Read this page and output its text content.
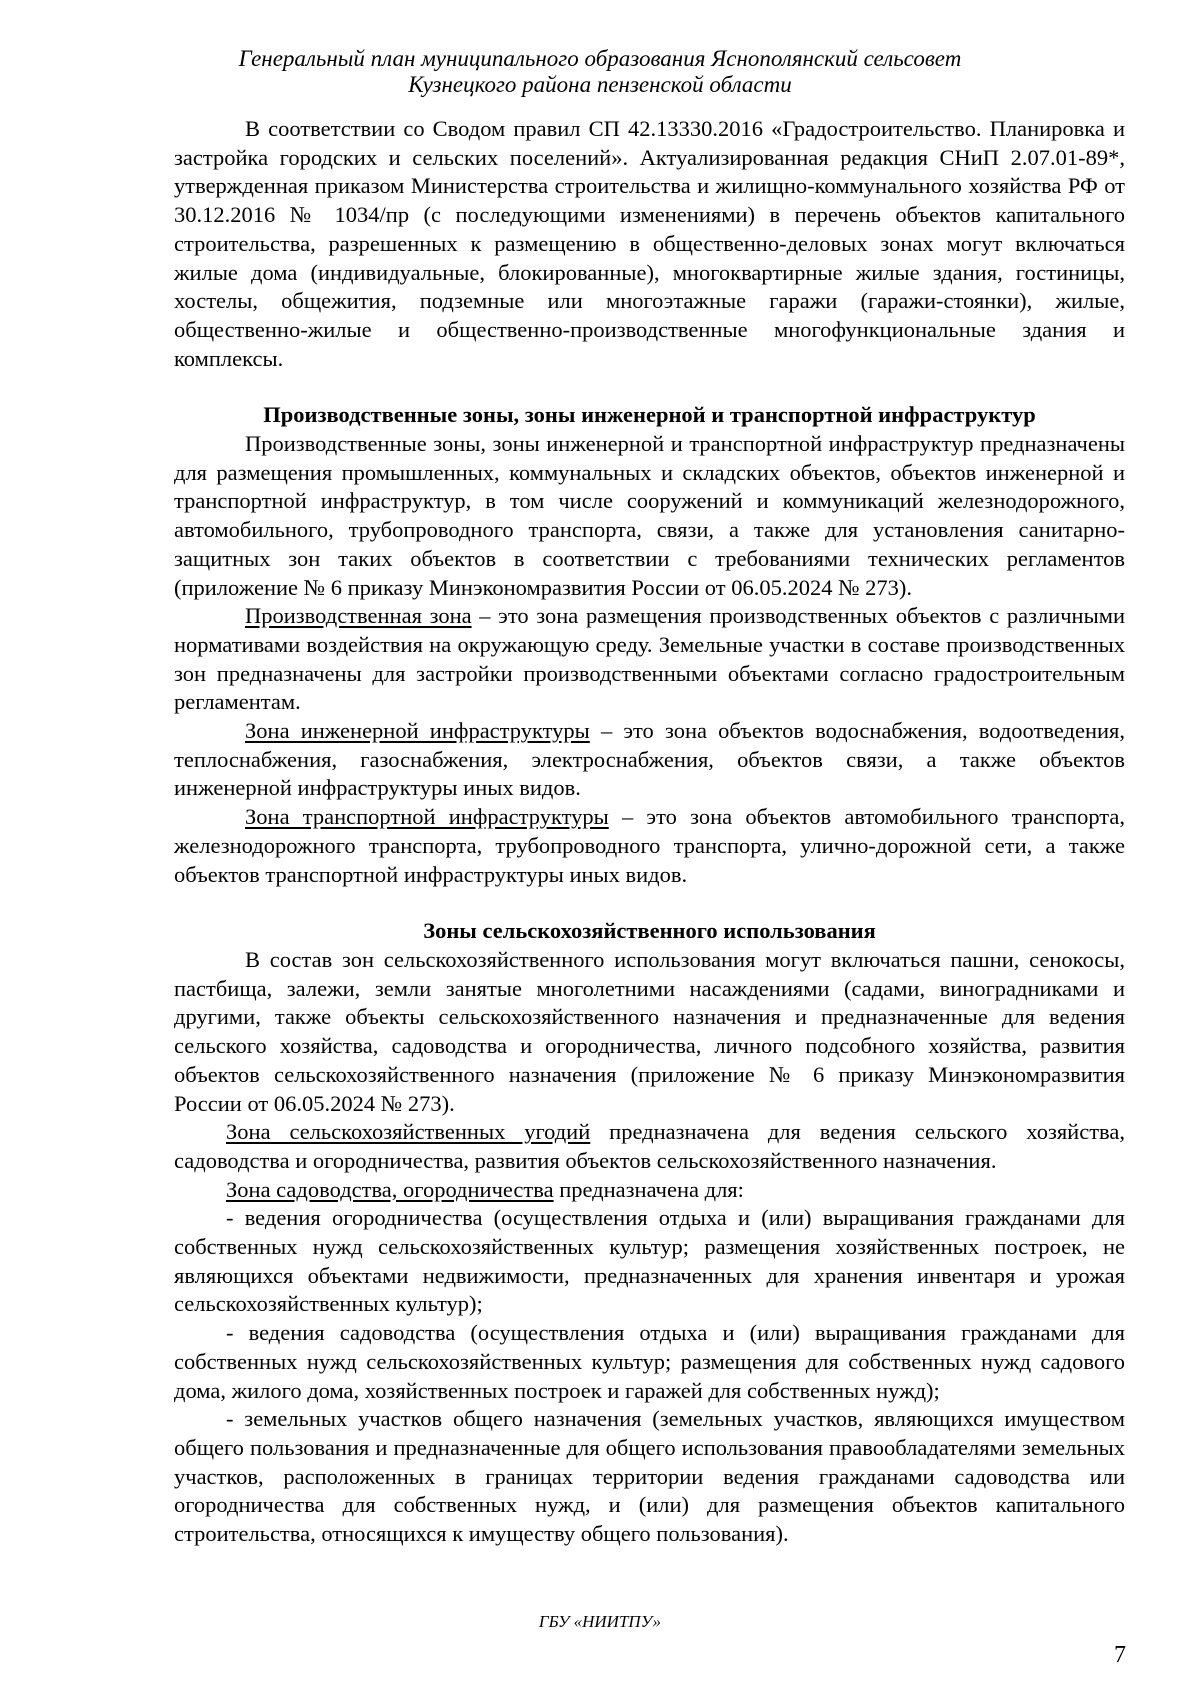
Генеральный план муниципального образования Яснополянский сельсовет
Кузнецкого района пензенской области

В соответствии со Сводом правил СП 42.13330.2016 «Градостроительство. Планировка и застройка городских и сельских поселений». Актуализированная редакция СНиП 2.07.01-89*, утвержденная приказом Министерства строительства и жилищно-коммунального хозяйства РФ от 30.12.2016 № 1034/пр (с последующими изменениями) в перечень объектов капитального строительства, разрешенных к размещению в общественно-деловых зонах могут включаться жилые дома (индивидуальные, блокированные), многоквартирные жилые здания, гостиницы, хостелы, общежития, подземные или многоэтажные гаражи (гаражи-стоянки), жилые, общественно-жилые и общественно-производственные многофункциональные здания и комплексы.

Производственные зоны, зоны инженерной и транспортной инфраструктур

Производственные зоны, зоны инженерной и транспортной инфраструктур предназначены для размещения промышленных, коммунальных и складских объектов, объектов инженерной и транспортной инфраструктур, в том числе сооружений и коммуникаций железнодорожного, автомобильного, трубопроводного транспорта, связи, а также для установления санитарно-защитных зон таких объектов в соответствии с требованиями технических регламентов (приложение № 6 приказу Минэкономразвития России от 06.05.2024 № 273).

Производственная зона – это зона размещения производственных объектов с различными нормативами воздействия на окружающую среду. Земельные участки в составе производственных зон предназначены для застройки производственными объектами согласно градостроительным регламентам.

Зона инженерной инфраструктуры – это зона объектов водоснабжения, водоотведения, теплоснабжения, газоснабжения, электроснабжения, объектов связи, а также объектов инженерной инфраструктуры иных видов.

Зона транспортной инфраструктуры – это зона объектов автомобильного транспорта, железнодорожного транспорта, трубопроводного транспорта, улично-дорожной сети, а также объектов транспортной инфраструктуры иных видов.

Зоны сельскохозяйственного использования

В состав зон сельскохозяйственного использования могут включаться пашни, сенокосы, пастбища, залежи, земли занятые многолетними насаждениями (садами, виноградниками и другими, также объекты сельскохозяйственного назначения и предназначенные для ведения сельского хозяйства, садоводства и огородничества, личного подсобного хозяйства, развития объектов сельскохозяйственного назначения (приложение № 6 приказу Минэкономразвития России от 06.05.2024 № 273).

Зона сельскохозяйственных угодий предназначена для ведения сельского хозяйства, садоводства и огородничества, развития объектов сельскохозяйственного назначения.

Зона садоводства, огородничества предназначена для:

- ведения огородничества (осуществления отдыха и (или) выращивания гражданами для собственных нужд сельскохозяйственных культур; размещения хозяйственных построек, не являющихся объектами недвижимости, предназначенных для хранения инвентаря и урожая сельскохозяйственных культур);

- ведения садоводства (осуществления отдыха и (или) выращивания гражданами для собственных нужд сельскохозяйственных культур; размещения для собственных нужд садового дома, жилого дома, хозяйственных построек и гаражей для собственных нужд);

- земельных участков общего назначения (земельных участков, являющихся имуществом общего пользования и предназначенные для общего использования правообладателями земельных участков, расположенных в границах территории ведения гражданами садоводства или огородничества для собственных нужд, и (или) для размещения объектов капитального строительства, относящихся к имуществу общего пользования).

ГБУ «НИИТПУ»
7
